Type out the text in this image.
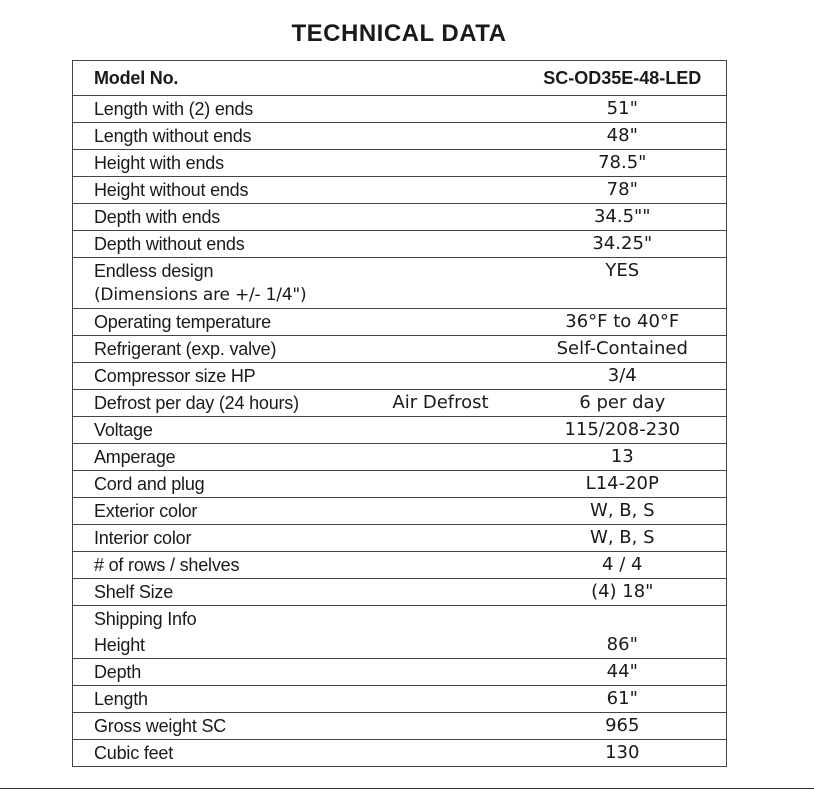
TECHNICAL DATA
Model No.		SC-OD35E-48-LED
Length with (2) ends		51"
Length without ends		48"
Height with ends		78.5"
Height without ends		78"
Depth with ends		34.5""
Depth without ends		34.25"
Endless design
(Dimensions are +/- 1/4")		YES
Operating temperature		36°F to 40°F
Refrigerant (exp. valve)		Self-Contained
Compressor size HP		3/4
Defrost per day (24 hours)	Air Defrost	6 per day
Voltage		115/208-230
Amperage		13
Cord and plug		L14-20P
Exterior color		W, B, S
Interior color		W, B, S
# of rows / shelves		4 / 4
Shelf Size		(4) 18"
Shipping Info		
Height		86"
Depth		44"
Length		61"
Gross weight SC		965
Cubic feet		130
